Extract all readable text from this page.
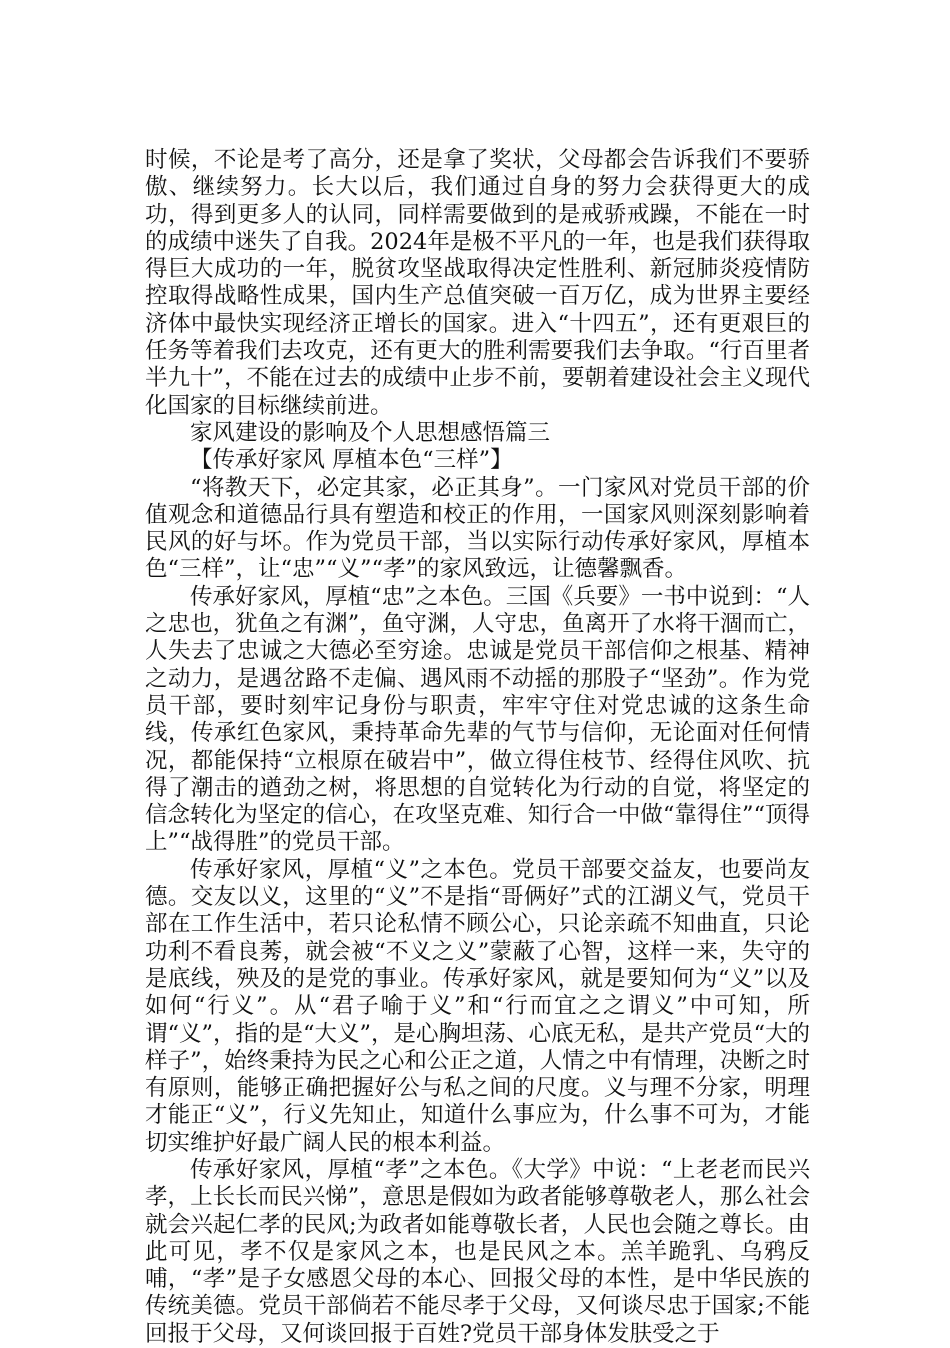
时候，不论是考了高分，还是拿了奖状，父母都会告诉我们不要骄傲、继续努力。长大以后，我们通过自身的努力会获得更大的成功，得到更多人的认同，同样需要做到的是戒骄戒躁，不能在一时的成绩中迷失了自我。2024年是极不平凡的一年，也是我们获得取得巨大成功的一年，脱贫攻坚战取得决定性胜利、新冠肺炎疫情防控取得战略性成果，国内生产总值突破一百万亿，成为世界主要经济体中最快实现经济正增长的国家。进入“十四五”，还有更艰巨的任务等着我们去攻克，还有更大的胜利需要我们去争取。“行百里者半九十”，不能在过去的成绩中止步不前，要朝着建设社会主义现代化国家的目标继续前进。

家风建设的影响及个人思想感悟篇三

【传承好家风 厚植本色“三样”】

“将教天下，必定其家，必正其身”。一门家风对党员干部的价值观念和道德品行具有塑造和校正的作用，一国家风则深刻影响着民风的好与坏。作为党员干部，当以实际行动传承好家风，厚植本色“三样”，让“忠”“义”“孝”的家风致远，让德馨飘香。

传承好家风，厚植“忠”之本色。三国《兵要》一书中说到：“人之忠也，犹鱼之有渊”，鱼守渊，人守忠，鱼离开了水将干涸而亡，人失去了忠诚之大德必至穷途。忠诚是党员干部信仰之根基、精神之动力，是遇岔路不走偏、遇风雨不动摇的那股子“坚劲”。作为党员干部，要时刻牢记身份与职责，牢牢守住对党忠诚的这条生命线，传承红色家风，秉持革命先辈的气节与信仰，无论面对任何情况，都能保持“立根原在破岩中”，做立得住枝节、经得住风吹、抗得了潮击的遒劲之树，将思想的自觉转化为行动的自觉，将坚定的信念转化为坚定的信心，在攻坚克难、知行合一中做“靠得住”“顶得上”“战得胜”的党员干部。

传承好家风，厚植“义”之本色。党员干部要交益友，也要尚友德。交友以义，这里的“义”不是指“哥俩好”式的江湖义气，党员干部在工作生活中，若只论私情不顾公心，只论亲疏不知曲直，只论功利不看良莠，就会被“不义之义”蒙蔽了心智，这样一来，失守的是底线，殃及的是党的事业。传承好家风，就是要知何为“义”以及如何“行义”。从“君子喻于义”和“行而宜之之谓义”中可知，所谓“义”，指的是“大义”，是心胸坦荡、心底无私，是共产党员“大的样子”，始终秉持为民之心和公正之道，人情之中有情理，决断之时有原则，能够正确把握好公与私之间的尺度。义与理不分家，明理才能正“义”，行义先知止，知道什么事应为，什么事不可为，才能切实维护好最广阔人民的根本利益。

传承好家风，厚植“孝”之本色。《大学》中说：“上老老而民兴孝，上长长而民兴悌”，意思是假如为政者能够尊敬老人，那么社会就会兴起仁孝的民风;为政者如能尊敬长者，人民也会随之尊长。由此可见，孝不仅是家风之本，也是民风之本。羔羊跪乳、乌鸦反哺，“孝”是子女感恩父母的本心、回报父母的本性，是中华民族的传统美德。党员干部倘若不能尽孝于父母，又何谈尽忠于国家;不能回报于父母，又何谈回报于百姓?党员干部身体发肤受之于
